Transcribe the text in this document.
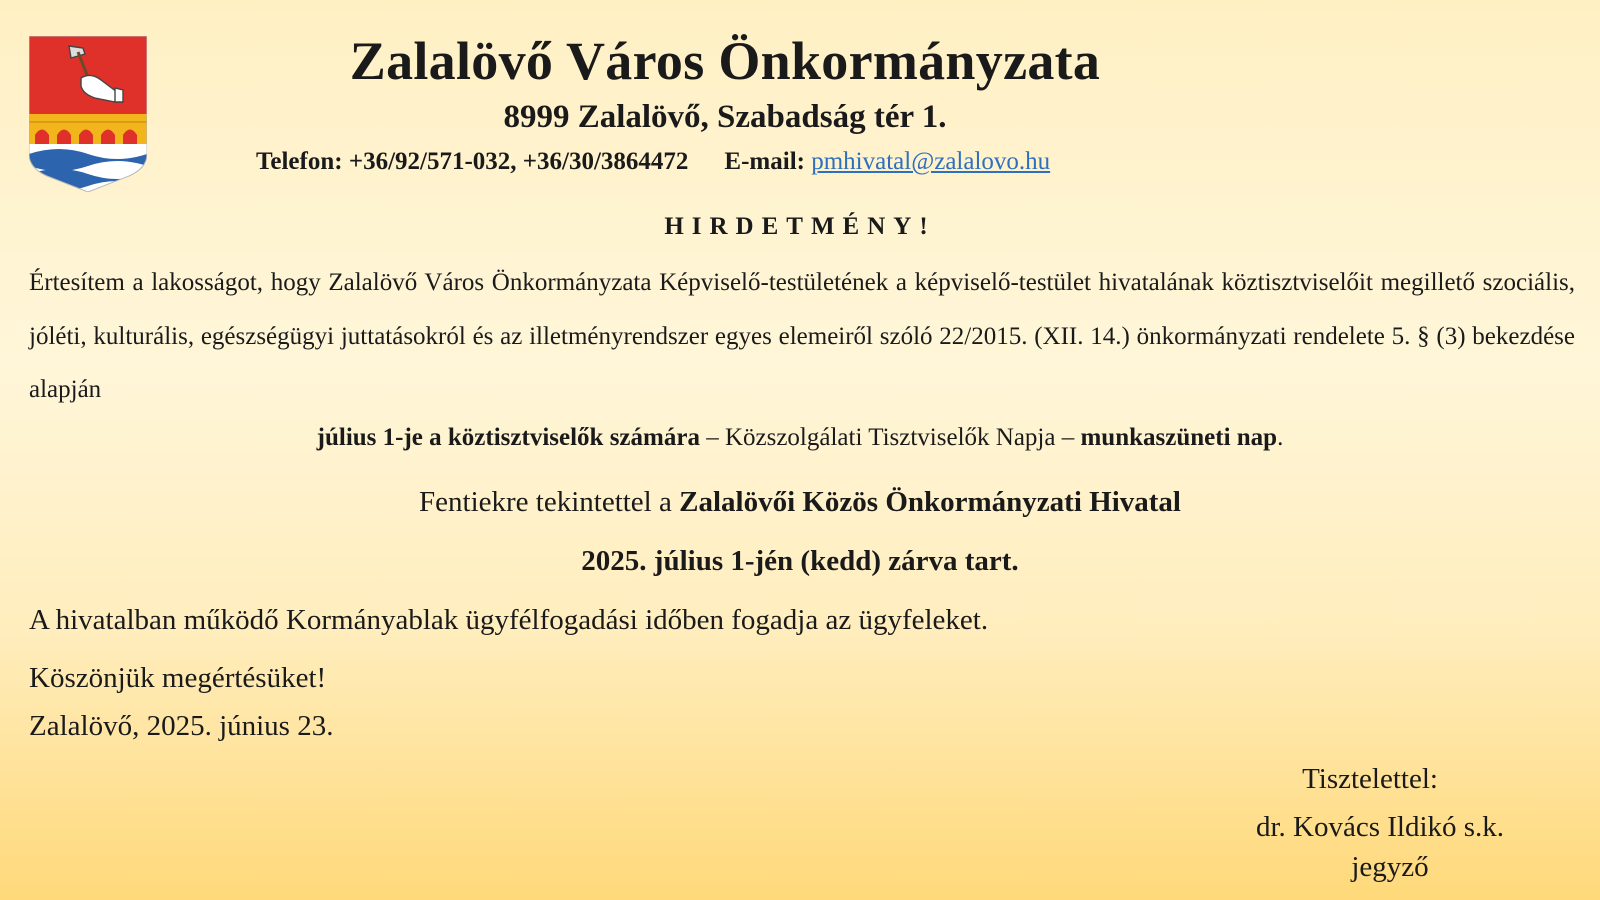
Zalalövő Város Önkormányzata
8999 Zalalövő, Szabadság tér 1.
Telefon: +36/92/571-032, +36/30/3864472 E-mail: pmhivatal@zalalovo.hu
HIRDETMÉNY!

Értesítem a lakosságot, hogy Zalalövő Város Önkormányzata Képviselő-testületének a képviselő-testület hivatalának köztisztviselőit megillető szociális, jóléti, kulturális, egészségügyi juttatásokról és az illetményrendszer egyes elemeiről szóló 22/2015. (XII. 14.) önkormányzati rendelete 5. § (3) bekezdése alapján

július 1-je a köztisztviselők számára – Közszolgálati Tisztviselők Napja – munkaszüneti nap.
Fentiekre tekintettel a Zalalövői Közös Önkormányzati Hivatal
2025. július 1-jén (kedd) zárva tart.
A hivatalban működő Kormányablak ügyfélfogadási időben fogadja az ügyfeleket.
Köszönjük megértésüket!
Zalalövő, 2025. június 23.
Tisztelettel:
dr. Kovács Ildikó s.k.
jegyző
